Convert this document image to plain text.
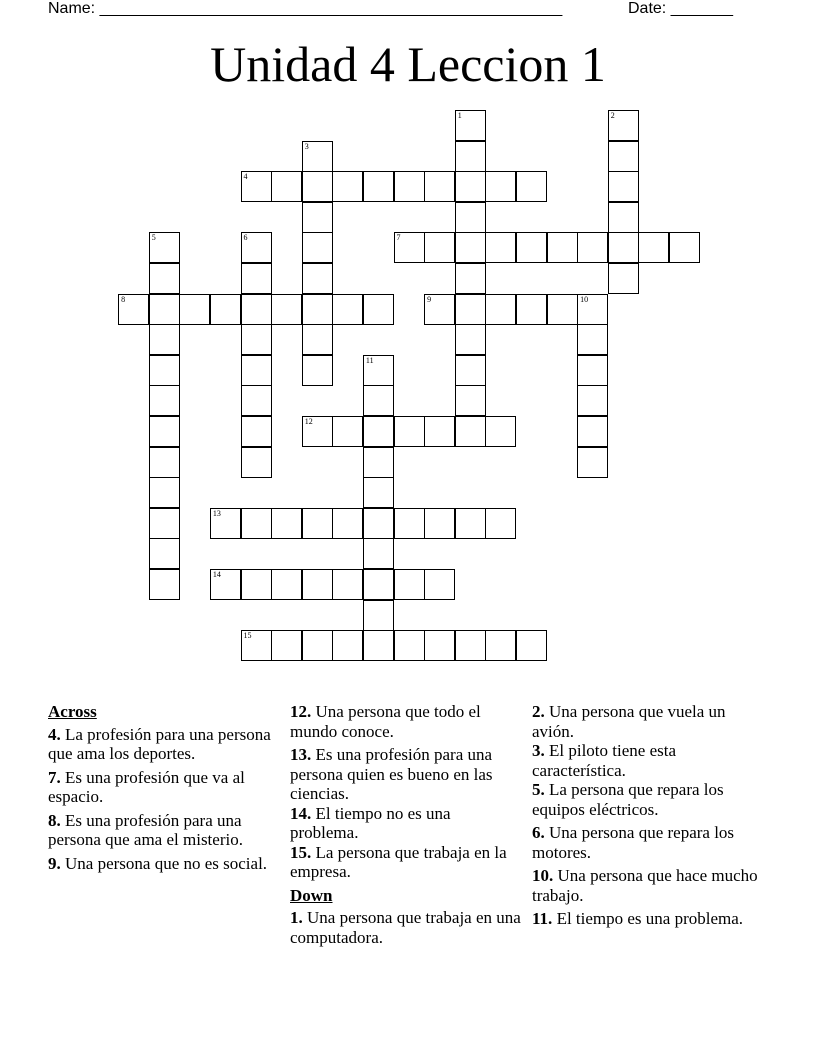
Name: ____________________________________________________	Date: _______
Unidad 4 Leccion 1
1	2
3
4
5	6	7
8	9	10
11
12
13
14
15
Across
4. La profesión para una persona que ama los deportes.
7. Es una profesión que va al espacio.
8. Es una profesión para una persona que ama el misterio.
9. Una persona que no es social.
12. Una persona que todo el mundo conoce.
13. Es una profesión para una persona quien es bueno en las ciencias.
14. El tiempo no es una problema.
15. La persona que trabaja en la empresa.
Down
1. Una persona que trabaja en una computadora.
2. Una persona que vuela un avión.
3. El piloto tiene esta característica.
5. La persona que repara los equipos eléctricos.
6. Una persona que repara los motores.
10. Una persona que hace mucho trabajo.
11. El tiempo es una problema.
